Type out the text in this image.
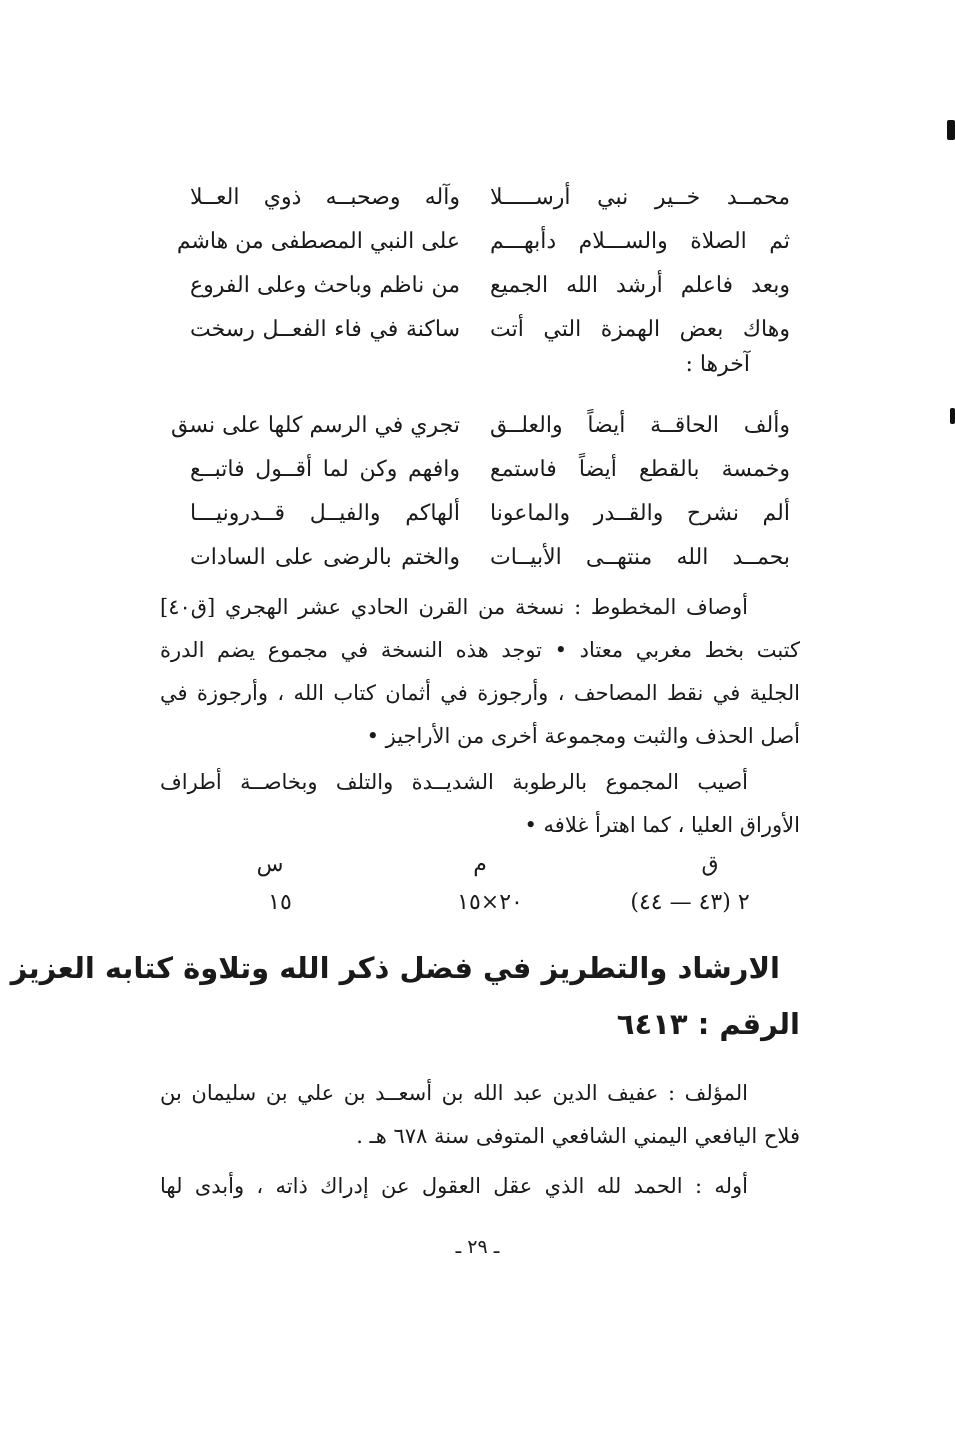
محمــد خــير نبي أرســـــلا
وآله وصحبــه ذوي العــلا
ثم الصلاة والســـلام دأبهـــم
على النبي المصطفى من هاشم
وبعد فاعلم أرشد الله الجميع
من ناظم وباحث وعلى الفروع
وهاك بعض الهمزة التي أتت
ساكنة في فاء الفعــل رسخت
آخرها :
وألف الحاقــة أيضاً والعلــق
تجري في الرسم كلها على نسق
وخمسة بالقطع أيضاً فاستمع
وافهم وكن لما أقــول فاتبــع
ألم نشرح والقــدر والماعونا
ألهاكم والفيــل قــدرونيـــا
بحمــد الله منتهــى الأبيــات
والختم بالرضى على السادات
أوصاف المخطوط : نسخة من القرن الحادي عشر الهجري [ق٤٠]
كتبت بخط مغربي معتاد • توجد هذه النسخة في مجموع يضم الدرة
الجلية في نقط المصاحف ، وأرجوزة في أثمان كتاب الله ، وأرجوزة في
أصل الحذف والثبت ومجموعة أخرى من الأراجيز •
أصيب المجموع بالرطوبة الشديــدة والتلف وبخاصــة أطراف
الأوراق العليا ، كما اهترأ غلافه •
ق
م
س
٢ (٤٣ — ٤٤)
٢٠×١٥
١٥
الارشاد والتطريز في فضل ذكر الله وتلاوة كتابه العزيز
الرقم : ٦٤١٣
المؤلف : عفيف الدين عبد الله بن أسعــد بن علي بن سليمان بن
فلاح اليافعي اليمني الشافعي المتوفى سنة ٦٧٨ هـ .
أوله : الحمد لله الذي عقل العقول عن إدراك ذاته ، وأبدى لها
ـ ٢٩ ـ
